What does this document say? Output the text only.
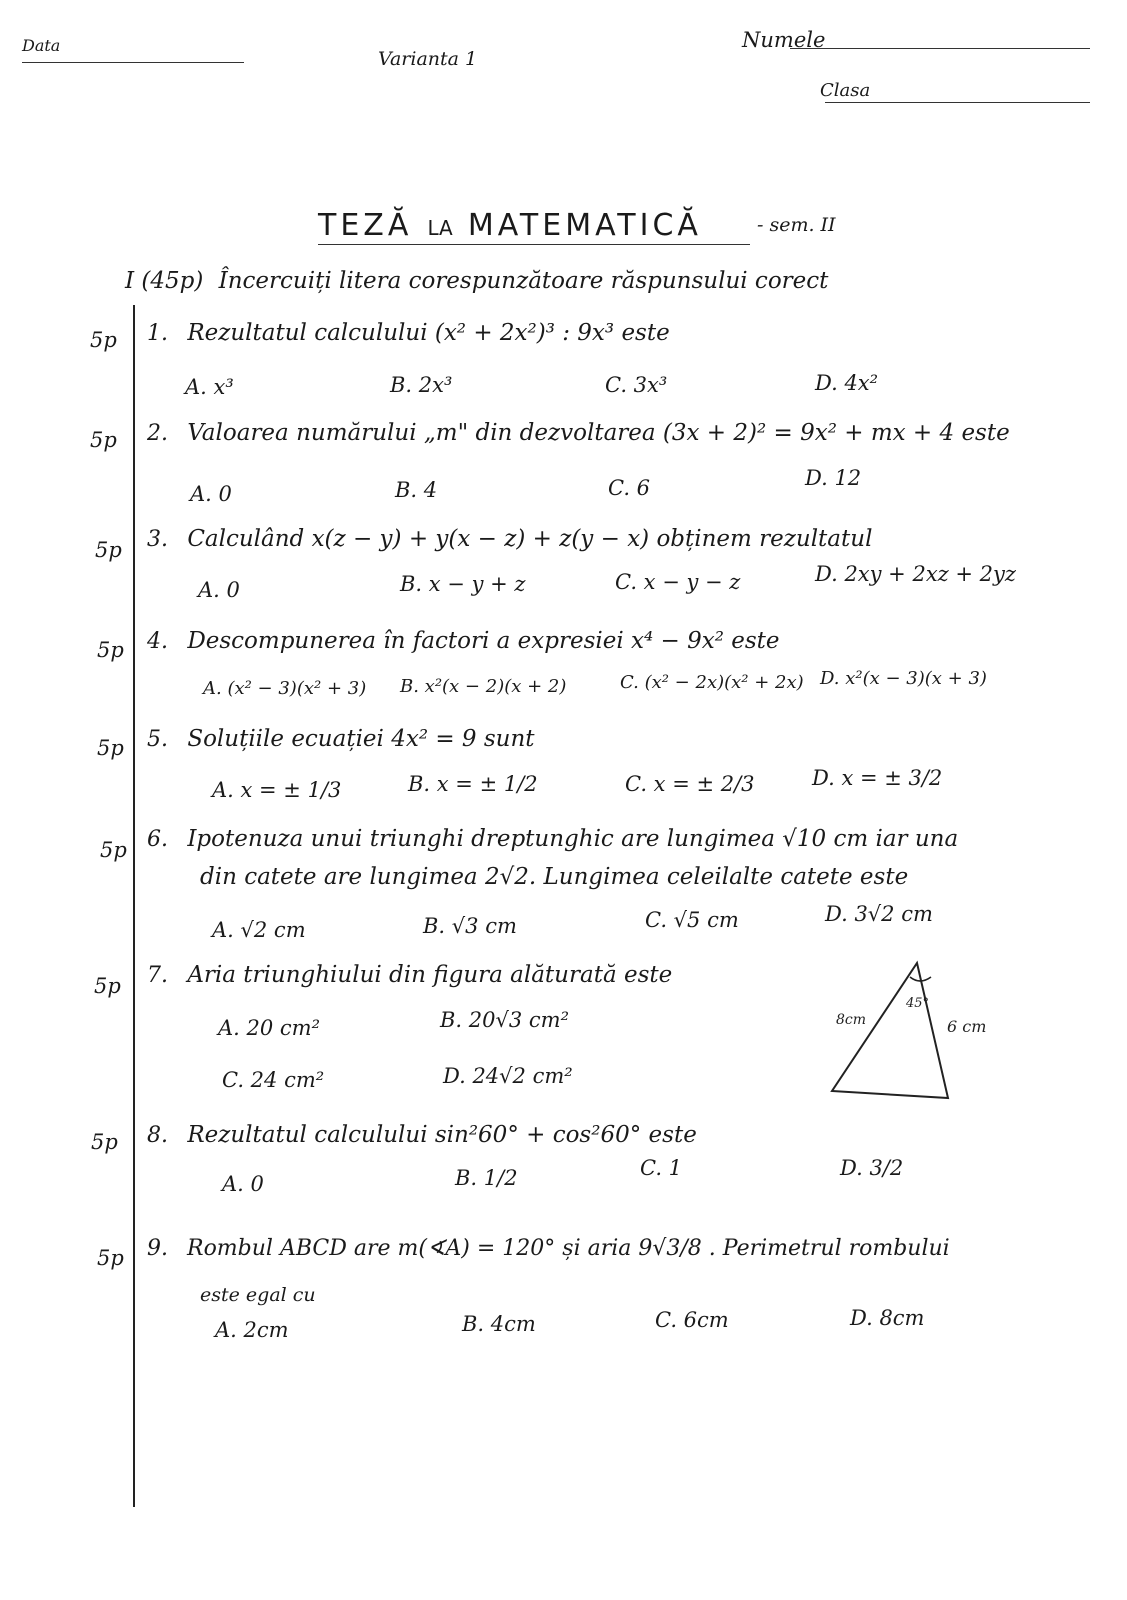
Data
Varianta 1
Numele
Clasa
TEZĂ LA MATEMATICĂ	- sem. II
I (45p) Încercuiți litera corespunzătoare răspunsului corect
5p 1. Rezultatul calculului (x² + 2x²)³ : 9x³ este
A. x³	B. 2x³	C. 3x³	D. 4x²
5p 2. Valoarea numărului „m" din dezvoltarea (3x + 2)² = 9x² + mx + 4 este
A. 0	B. 4	C. 6	D. 12
5p 3. Calculând x(z − y) + y(x − z) + z(y − x) obținem rezultatul
A. 0	B. x − y + z	C. x − y − z	D. 2xy + 2xz + 2yz
5p 4. Descompunerea în factori a expresiei x⁴ − 9x² este
A. (x² − 3)(x² + 3) B. x²(x − 2)(x + 2)	C. (x² − 2x)(x² + 2x) D. x²(x − 3)(x + 3)
5p 5. Soluțiile ecuației 4x² = 9 sunt
A. x = ± 1/3	B. x = ± 1/2	C. x = ± 2/3	D. x = ± 3/2
5p 6. Ipotenuza unui triunghi dreptunghic are lungimea √10 cm iar una
din catete are lungimea 2√2. Lungimea celeilalte catete este
A. √2 cm	B. √3 cm	C. √5 cm	D. 3√2 cm
5p 7. Aria triunghiului din figura alăturată este
A. 20 cm²	B. 20√3 cm²
C. 24 cm²	D. 24√2 cm²
45°
8cm	6 cm
5p 8. Rezultatul calculului sin²60° + cos²60° este
A. 0	B. 1/2	C. 1	D. 3/2
5p 9. Rombul ABCD are m(∢A) = 120° și aria 9√3/8 . Perimetrul rombului
este egal cu
A. 2cm	B. 4cm	C. 6cm	D. 8cm
